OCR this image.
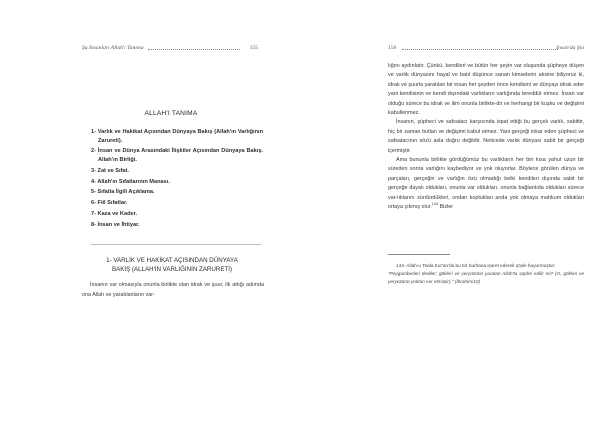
Şu İnsanları Allah'ı Tanıma	155
ALLAH'I TANIMA
1- Varlık ve Hakikat Açısından Dünyaya Bakış (Allah'ın Varlığının Zarureti).
2- İnsan ve Dünya Arasındaki İlişkiler Açısından Dünyaya Bakış. Allah'ın Birliği.
3- Zat ve Sıfat.
4- Allah'ın Sıfatlarının Manası.
5- Sıfatla İlgili Açıklama.
6- Fiil Sıfatlar.
7- Kaza ve Kader.
8- İnsan ve İhtiyar.
1- VARLIK VE HAKİKAT AÇISINDAN DÜNYAYA
BAKIŞ (ALLAH'IN VARLIĞININ ZARURETİ)

İnsanın var olmasıyla onunla birlikte olan idrak ve şuur, ilk attığı adımda ona Allah ve yaratılanların var-

156	İnsan'da Şia

lığını aydınlatır. Çünkü, kendileri ve bütün her şeyin var oluşunda şüpheye düşen ve varlık dünyasını hayal ve batıl düşünce sanan kimselerin aksine biliyoruz ki, idrak ve şuurla yaratılan bir insan her şeyden önce kendisini ve dünyayı idrak eder yani kendisinin ve kendi dışındaki varlıkların varlığında tereddüt etmez. İnsan var olduğu sürece bu idrak ve ilim onunla birlikte-dir ve herhangi bir kuşku ve değişimi kabullenmez.

İnsanın, şüpheci ve safsatacı karşısında ispat ettiği bu gerçek varlık, sabittir, hiç bir zaman butlan ve değişimi kabul etmez. Yani gerçeği inkar eden şüpheci ve safsatacının sözü asla doğru değildir. Neticede varlık dünyası sabit bir gerçeği içermiştir.

Ama bununla birlikte gördüğümüz bu varlıkların her biri kısa yahut uzun bir süreden sonra varlığını kaybediyor ve yok oluyorlar. Böylece görülen dünya ve parçaları, gerçeğin ve varlığın özü olmadığı belki kendileri dışında sabit bir gerçeğe dayalı oldukları, onunla var oldukları, onunla bağlantıda oldukları sürece var-lıklarını sürdürdükleri, ondan koptukları anda yok olmaya mahkum oldukları ortaya çıkmış olur.$^{144}$ Bizler

144- Allah-u Teala Kur'an'da bu tür burhana işaret ederek şöyle buyurmuştur:

"Peygamberleri dediler; gökleri ve yeryüzünü yaratan Allah'ta şüphe edilir mi? (O, gökleri ve yeryüzünü yoktan var etmiştir)." (İbrahim/10)
